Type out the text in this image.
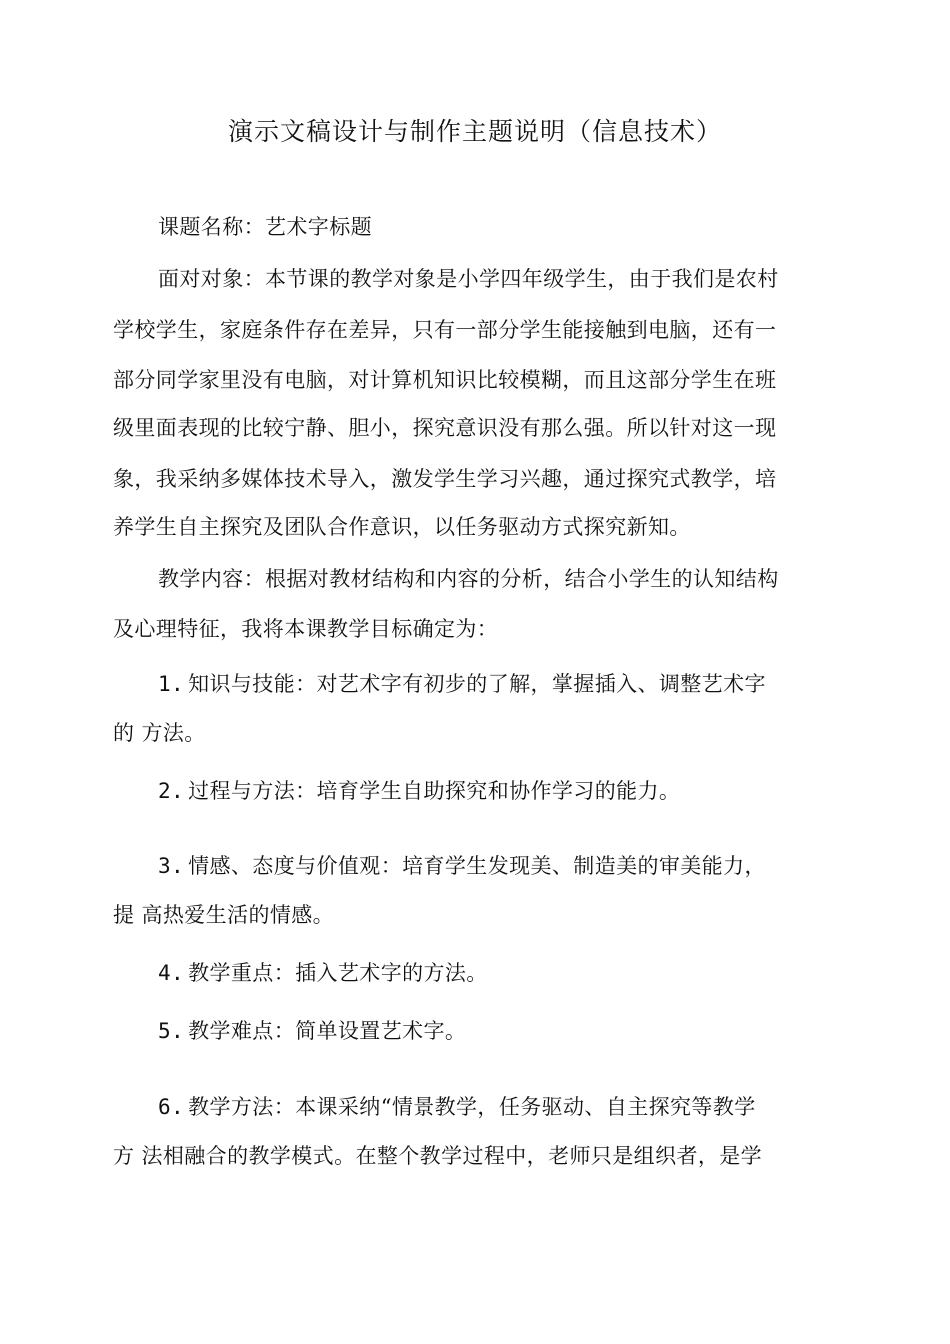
演示文稿设计与制作主题说明（信息技术）
课题名称：艺术字标题
面对对象：本节课的教学对象是小学四年级学生，由于我们是农村
学校学生，家庭条件存在差异，只有一部分学生能接触到电脑，还有一
部分同学家里没有电脑，对计算机知识比较模糊，而且这部分学生在班
级里面表现的比较宁静、胆小，探究意识没有那么强。所以针对这一现
象，我采纳多媒体技术导入，激发学生学习兴趣，通过探究式教学，培
养学生自主探究及团队合作意识，以任务驱动方式探究新知。
教学内容：根据对教材结构和内容的分析，结合小学生的认知结构
及心理特征，我将本课教学目标确定为：
1. 知识与技能：对艺术字有初步的了解，掌握插入、调整艺术字
的 方法。
2. 过程与方法：培育学生自助探究和协作学习的能力。
3. 情感、态度与价值观：培育学生发现美、制造美的审美能力，
提 高热爱生活的情感。
4. 教学重点：插入艺术字的方法。
5. 教学难点：简单设置艺术字。
6. 教学方法：本课采纳“情景教学，任务驱动、自主探究等教学
方 法相融合的教学模式。在整个教学过程中，老师只是组织者，是学
